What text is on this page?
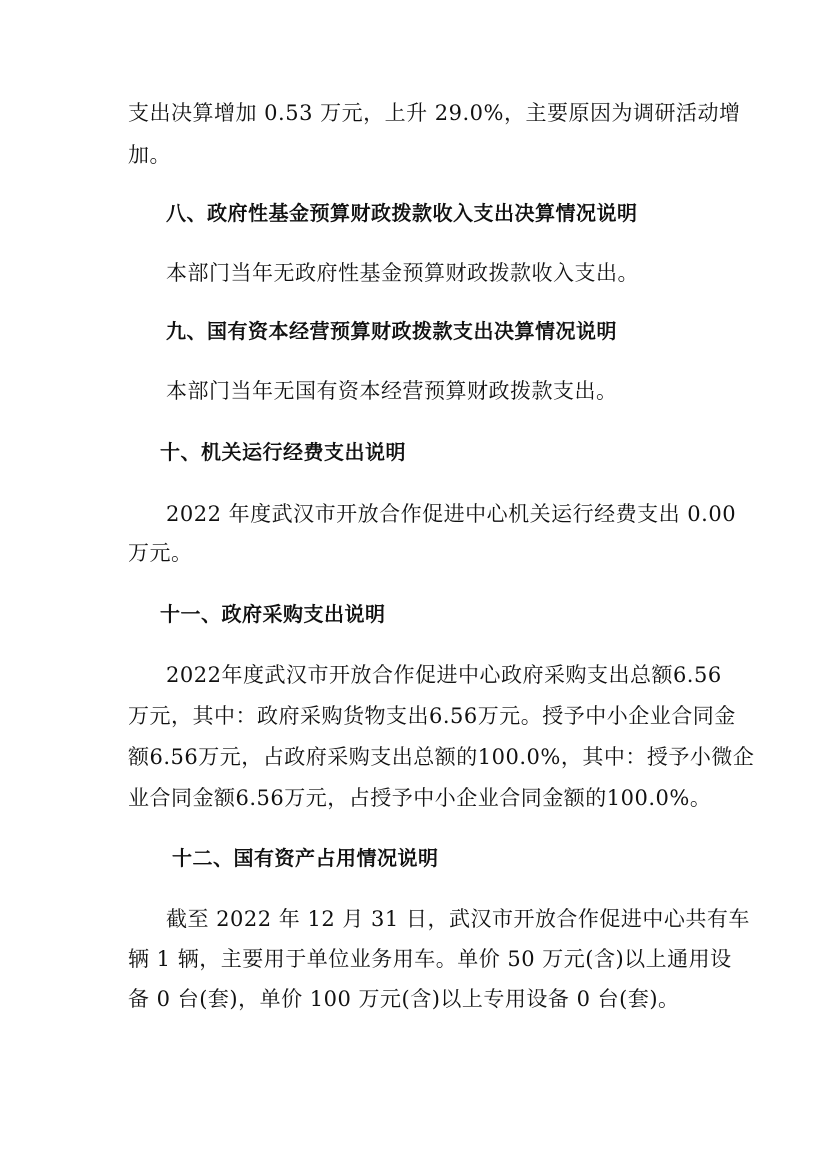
支出决算增加 0.53 万元，上升 29.0%，主要原因为调研活动增
加。
八、政府性基金预算财政拨款收入支出决算情况说明
本部门当年无政府性基金预算财政拨款收入支出。
九、国有资本经营预算财政拨款支出决算情况说明
本部门当年无国有资本经营预算财政拨款支出。
十、机关运行经费支出说明
2022 年度武汉市开放合作促进中心机关运行经费支出 0.00
万元。
十一、政府采购支出说明
2022年度武汉市开放合作促进中心政府采购支出总额6.56
万元，其中：政府采购货物支出6.56万元。授予中小企业合同金
额6.56万元，占政府采购支出总额的100.0%，其中：授予小微企
业合同金额6.56万元，占授予中小企业合同金额的100.0%。
十二、国有资产占用情况说明
截至 2022 年 12 月 31 日，武汉市开放合作促进中心共有车
辆 1 辆，主要用于单位业务用车。单价 50 万元(含)以上通用设
备 0 台(套)，单价 100 万元(含)以上专用设备 0 台(套)。
